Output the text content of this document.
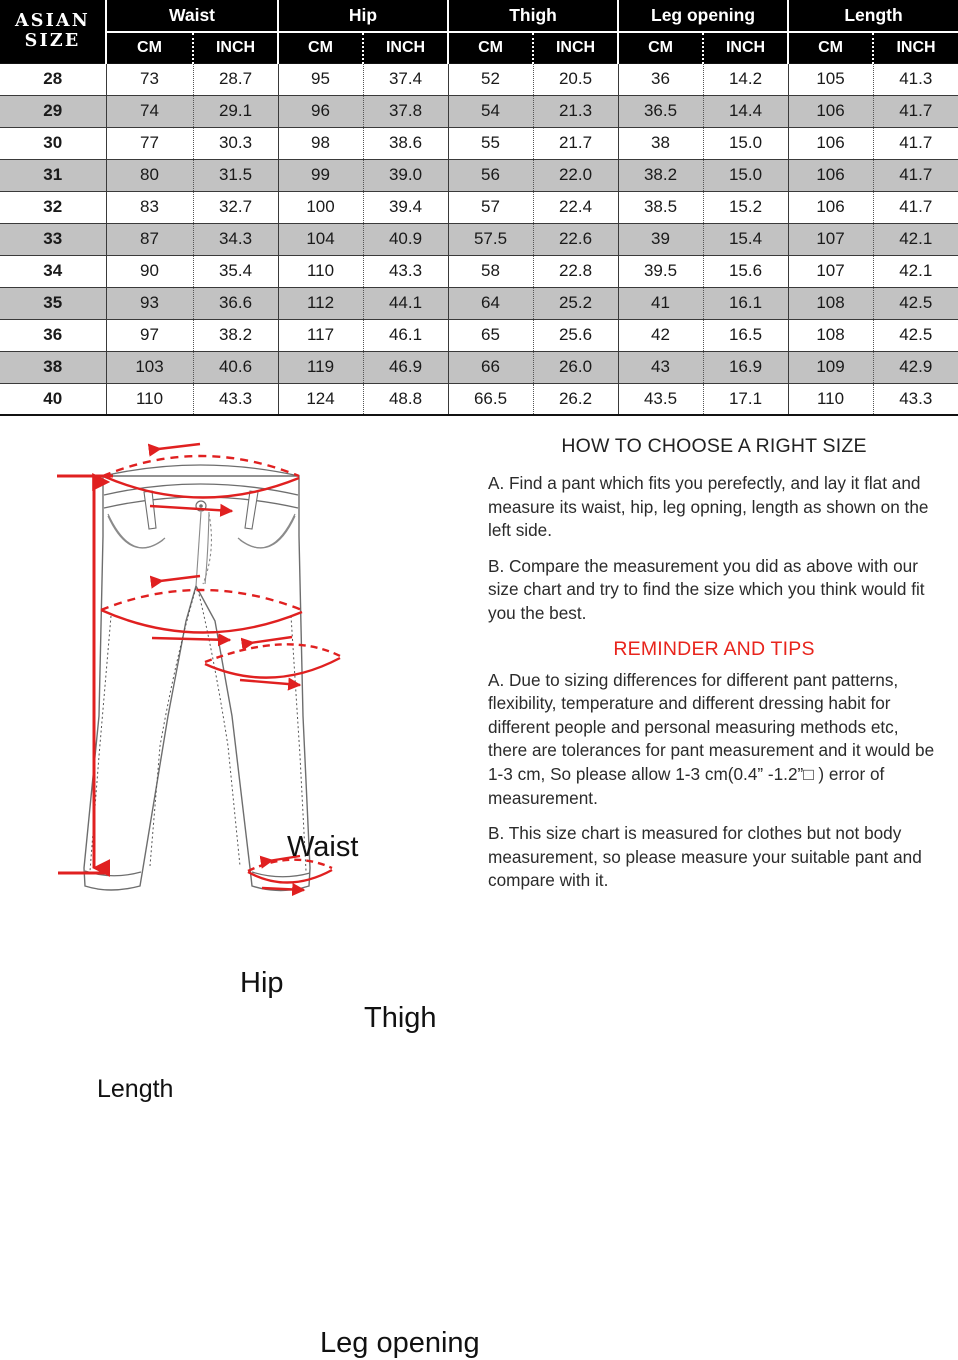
ASIAN SIZE	Waist		Hip		Thigh		Leg opening		Length	
	CM	INCH	CM	INCH	CM	INCH	CM	INCH	CM	INCH
28	73	28.7	95	37.4	52	20.5	36	14.2	105	41.3
29	74	29.1	96	37.8	54	21.3	36.5	14.4	106	41.7
30	77	30.3	98	38.6	55	21.7	38	15.0	106	41.7
31	80	31.5	99	39.0	56	22.0	38.2	15.0	106	41.7
32	83	32.7	100	39.4	57	22.4	38.5	15.2	106	41.7
33	87	34.3	104	40.9	57.5	22.6	39	15.4	107	42.1
34	90	35.4	110	43.3	58	22.8	39.5	15.6	107	42.1
35	93	36.6	112	44.1	64	25.2	41	16.1	108	42.5
36	97	38.2	117	46.1	65	25.6	42	16.5	108	42.5
38	103	40.6	119	46.9	66	26.0	43	16.9	109	42.9
40	110	43.3	124	48.8	66.5	26.2	43.5	17.1	110	43.3
Waist
Hip
Thigh
Length
Leg opening
HOW TO CHOOSE A RIGHT SIZE

A. Find a pant which fits you perefectly, and lay it flat and measure its waist, hip, leg opning, length as shown on the left side.

B. Compare the measurement you did as above with our size chart and try to find the size which you think would fit you the best.

REMINDER AND TIPS

A. Due to sizing differences for different pant patterns, flexibility, temperature and different dressing habit for different people and personal measuring methods etc, there are tolerances for pant measurement and it would be 1-3 cm, So please allow 1-3 cm(0.4” -1.2”□ ) error of measurement.

B. This size chart is measured for clothes but not body measurement, so please measure your suitable pant and compare with it.
